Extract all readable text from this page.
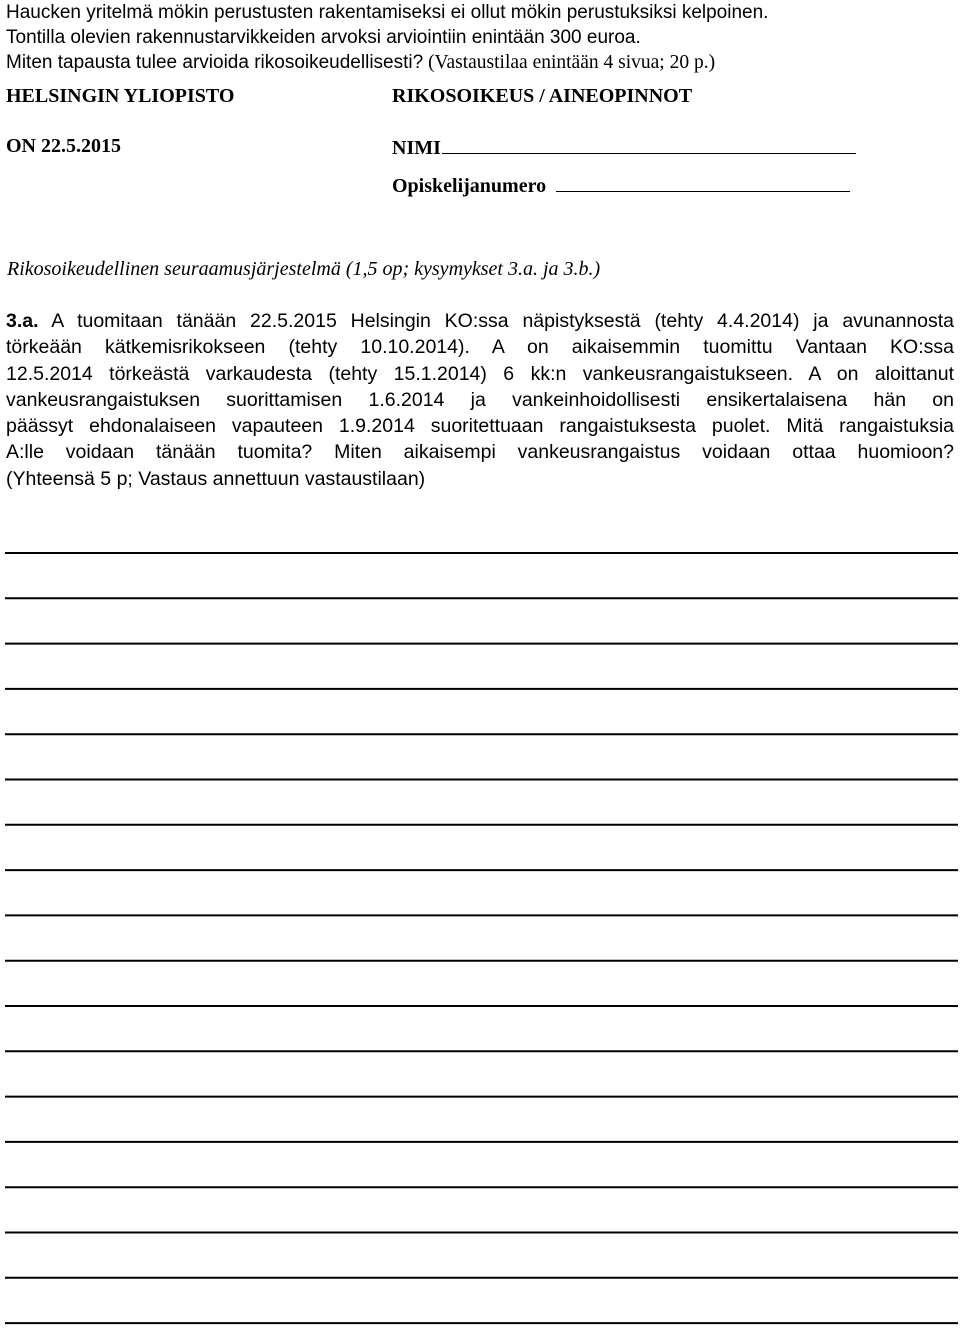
Haucken yritelmä mökin perustusten rakentamiseksi ei ollut mökin perustuksiksi kelpoinen.
Tontilla olevien rakennustarvikkeiden arvoksi arviointiin enintään 300 euroa.
Miten tapausta tulee arvioida rikosoikeudellisesti? (Vastaustilaa enintään 4 sivua; 20 p.)
HELSINGIN YLIOPISTO	RIKOSOIKEUS / AINEOPINNOT
ON 22.5.2015	NIMI
Opiskelijanumero
Rikosoikeudellinen seuraamusjärjestelmä (1,5 op; kysymykset 3.a. ja 3.b.)
3.a. A tuomitaan tänään 22.5.2015 Helsingin KO:ssa näpistyksestä (tehty 4.4.2014) ja avunannosta
törkeään kätkemisrikokseen (tehty 10.10.2014). A on aikaisemmin tuomittu Vantaan KO:ssa
12.5.2014 törkeästä varkaudesta (tehty 15.1.2014) 6 kk:n vankeusrangaistukseen. A on aloittanut
vankeusrangaistuksen suorittamisen 1.6.2014 ja vankeinhoidollisesti ensikertalaisena hän on
päässyt ehdonalaiseen vapauteen 1.9.2014 suoritettuaan rangaistuksesta puolet. Mitä rangaistuksia
A:lle voidaan tänään tuomita? Miten aikaisempi vankeusrangaistus voidaan ottaa huomioon?
(Yhteensä 5 p; Vastaus annettuun vastaustilaan)
